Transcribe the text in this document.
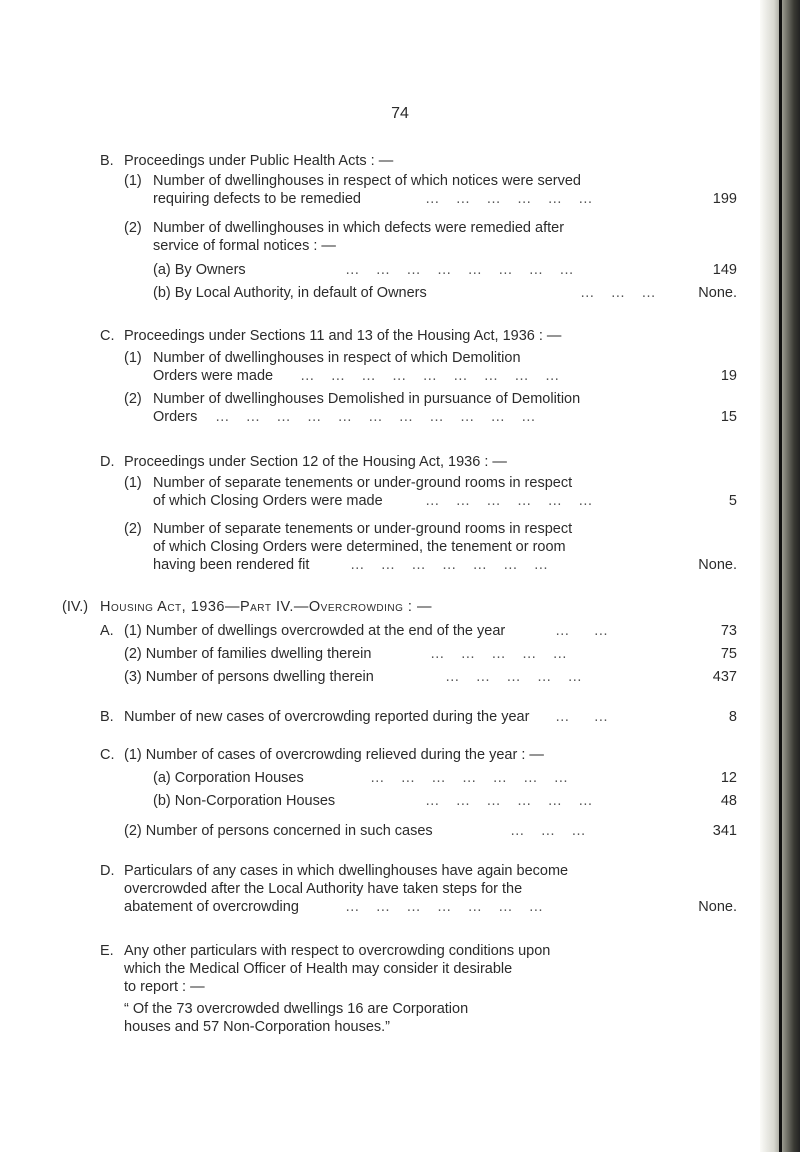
74
B. Proceedings under Public Health Acts : —
(1) Number of dwellinghouses in respect of which notices were served
requiring defects to be remedied	…    …    …    …    …    …	199
(2) Number of dwellinghouses in which defects were remedied after
service of formal notices : —
(a) By Owners	…    …    …    …    …    …    …    …	149
(b) By Local Authority, in default of Owners	…    …    …	None.
C. Proceedings under Sections 11 and 13 of the Housing Act, 1936 : —
(1) Number of dwellinghouses in respect of which Demolition
Orders were made …    …    …    …    …    …    …    …    …	19
(2) Number of dwellinghouses Demolished in pursuance of Demolition
Orders …    …    …    …    …    …    …    …    …    …    …	15
D. Proceedings under Section 12 of the Housing Act, 1936 : —
(1) Number of separate tenements or under-ground rooms in respect
of which Closing Orders were made	…    …    …    …    …    …	5
(2) Number of separate tenements or under-ground rooms in respect
of which Closing Orders were determined, the tenement or room
having been rendered fit	…    …    …    …    …    …    …	None.
(IV.) Housing Act, 1936—Part IV.—Overcrowding : —
A. (1) Number of dwellings overcrowded at the end of the year	…      …	73
(2) Number of families dwelling therein	…    …    …    …    …	75
(3) Number of persons dwelling therein	…    …    …    …    …	437
B. Number of new cases of overcrowding reported during the year …      …	8
C. (1) Number of cases of overcrowding relieved during the year : —
(a) Corporation Houses	…    …    …    …    …    …    …	12
(b) Non-Corporation Houses	…    …    …    …    …    …	48
(2) Number of persons concerned in such cases	…    …    …	341
D. Particulars of any cases in which dwellinghouses have again become
overcrowded after the Local Authority have taken steps for the
abatement of overcrowding	…    …    …    …    …    …    …	None.
E. Any other particulars with respect to overcrowding conditions upon
which the Medical Officer of Health may consider it desirable
to report : —
“ Of the 73 overcrowded dwellings 16 are Corporation
houses and 57 Non-Corporation houses.”
